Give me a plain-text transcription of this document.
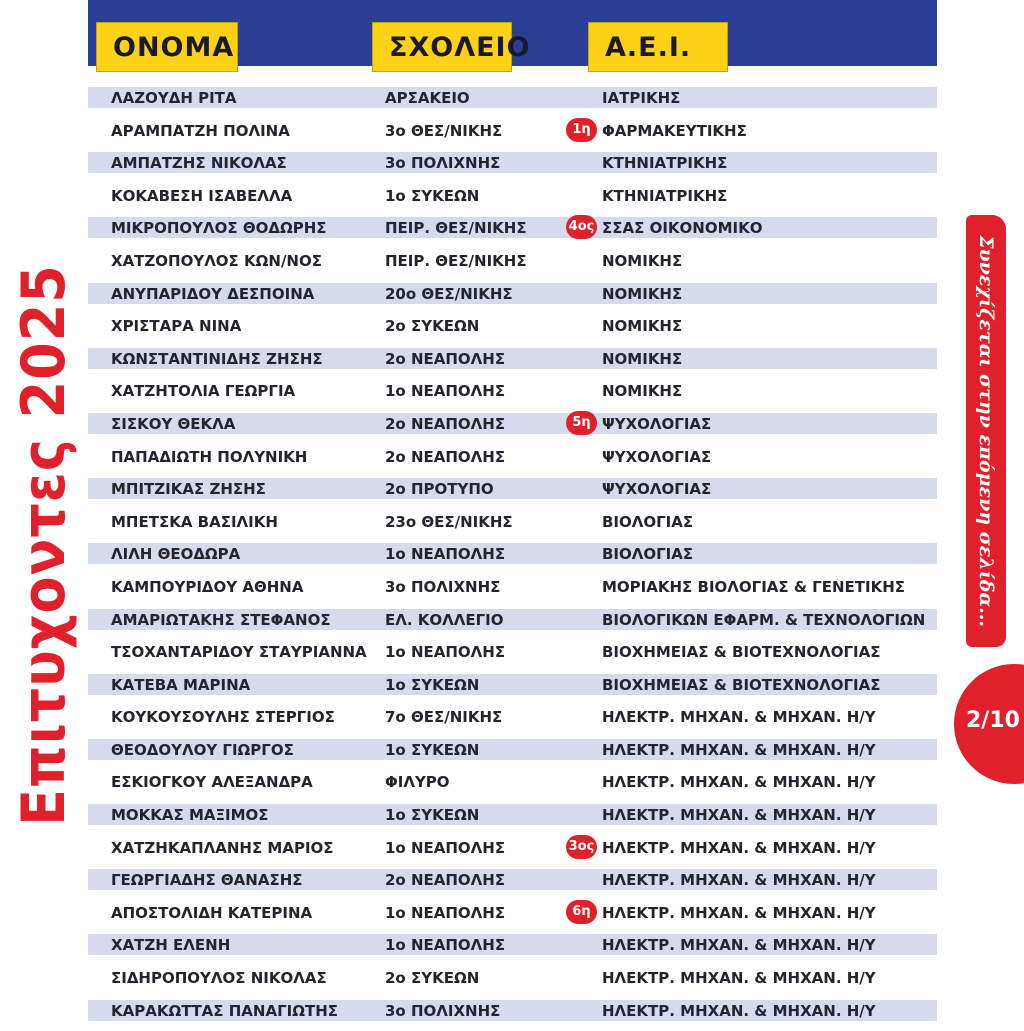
ΟΝΟΜΑ	ΣΧΟΛΕΙΟ	Α.Ε.Ι.
ΛΑΖΟΥΔΗ ΡΙΤΑ	ΑΡΣΑΚΕΙΟ	ΙΑΤΡΙΚΗΣ
ΑΡΑΜΠΑΤΖΗ ΠΟΛΙΝΑ	3ο ΘΕΣ/ΝΙΚΗΣ	ΦΑΡΜΑΚΕΥΤΙΚΗΣ
1η
ΑΜΠΑΤΖΗΣ ΝΙΚΟΛΑΣ	3ο ΠΟΛΙΧΝΗΣ	ΚΤΗΝΙΑΤΡΙΚΗΣ
ΚΟΚΑΒΕΣΗ ΙΣΑΒΕΛΛΑ	1ο ΣΥΚΕΩΝ	ΚΤΗΝΙΑΤΡΙΚΗΣ
ΜΙΚΡΟΠΟΥΛΟΣ ΘΟΔΩΡΗΣ	ΠΕΙΡ. ΘΕΣ/ΝΙΚΗΣ	ΣΣΑΣ ΟΙΚΟΝΟΜΙΚΟ
4ος
ΧΑΤΖΟΠΟΥΛΟΣ ΚΩΝ/ΝΟΣ	ΠΕΙΡ. ΘΕΣ/ΝΙΚΗΣ	ΝΟΜΙΚΗΣ
ΑΝΥΠΑΡΙΔΟΥ ΔΕΣΠΟΙΝΑ	20ο ΘΕΣ/ΝΙΚΗΣ	ΝΟΜΙΚΗΣ
ΧΡΙΣΤΑΡΑ ΝΙΝΑ	2ο ΣΥΚΕΩΝ	ΝΟΜΙΚΗΣ
ΚΩΝΣΤΑΝΤΙΝΙΔΗΣ ΖΗΣΗΣ	2ο ΝΕΑΠΟΛΗΣ	ΝΟΜΙΚΗΣ
ΧΑΤΖΗΤΟΛΙΑ ΓΕΩΡΓΙΑ	1ο ΝΕΑΠΟΛΗΣ	ΝΟΜΙΚΗΣ
ΣΙΣΚΟΥ ΘΕΚΛΑ	2ο ΝΕΑΠΟΛΗΣ	ΨΥΧΟΛΟΓΙΑΣ
5η
ΠΑΠΑΔΙΩΤΗ ΠΟΛΥΝΙΚΗ	2ο ΝΕΑΠΟΛΗΣ	ΨΥΧΟΛΟΓΙΑΣ
ΜΠΙΤΖΙΚΑΣ ΖΗΣΗΣ	2ο ΠΡΟΤΥΠΟ	ΨΥΧΟΛΟΓΙΑΣ
ΜΠΕΤΣΚΑ ΒΑΣΙΛΙΚΗ	23ο ΘΕΣ/ΝΙΚΗΣ	ΒΙΟΛΟΓΙΑΣ
ΛΙΛΗ ΘΕΟΔΩΡΑ	1ο ΝΕΑΠΟΛΗΣ	ΒΙΟΛΟΓΙΑΣ
ΚΑΜΠΟΥΡΙΔΟΥ ΑΘΗΝΑ	3ο ΠΟΛΙΧΝΗΣ	ΜΟΡΙΑΚΗΣ ΒΙΟΛΟΓΙΑΣ & ΓΕΝΕΤΙΚΗΣ
ΑΜΑΡΙΩΤΑΚΗΣ ΣΤΕΦΑΝΟΣ	ΕΛ. ΚΟΛΛΕΓΙΟ	ΒΙΟΛΟΓΙΚΩΝ ΕΦΑΡΜ. & ΤΕΧΝΟΛΟΓΙΩΝ
ΤΣΟΧΑΝΤΑΡΙΔΟΥ ΣΤΑΥΡΙΑΝΝΑ 1ο ΝΕΑΠΟΛΗΣ	ΒΙΟΧΗΜΕΙΑΣ & ΒΙΟΤΕΧΝΟΛΟΓΙΑΣ
ΚΑΤΕΒΑ ΜΑΡΙΝΑ	1ο ΣΥΚΕΩΝ	ΒΙΟΧΗΜΕΙΑΣ & ΒΙΟΤΕΧΝΟΛΟΓΙΑΣ
ΚΟΥΚΟΥΣΟΥΛΗΣ ΣΤΕΡΓΙΟΣ	7ο ΘΕΣ/ΝΙΚΗΣ	ΗΛΕΚΤΡ. ΜΗΧΑΝ. & ΜΗΧΑΝ. Η/Υ
ΘΕΟΔΟΥΛΟΥ ΓΙΩΡΓΟΣ	1ο ΣΥΚΕΩΝ	ΗΛΕΚΤΡ. ΜΗΧΑΝ. & ΜΗΧΑΝ. Η/Υ
ΕΣΚΙΟΓΚΟΥ ΑΛΕΞΑΝΔΡΑ	ΦΙΛΥΡΟ	ΗΛΕΚΤΡ. ΜΗΧΑΝ. & ΜΗΧΑΝ. Η/Υ
ΜΟΚΚΑΣ ΜΑΞΙΜΟΣ	1ο ΣΥΚΕΩΝ	ΗΛΕΚΤΡ. ΜΗΧΑΝ. & ΜΗΧΑΝ. Η/Υ
ΧΑΤΖΗΚΑΠΛΑΝΗΣ ΜΑΡΙΟΣ	1ο ΝΕΑΠΟΛΗΣ	ΗΛΕΚΤΡ. ΜΗΧΑΝ. & ΜΗΧΑΝ. Η/Υ
3ος
ΓΕΩΡΓΙΑΔΗΣ ΘΑΝΑΣΗΣ	2ο ΝΕΑΠΟΛΗΣ	ΗΛΕΚΤΡ. ΜΗΧΑΝ. & ΜΗΧΑΝ. Η/Υ
ΑΠΟΣΤΟΛΙΔΗ ΚΑΤΕΡΙΝΑ	1ο ΝΕΑΠΟΛΗΣ	ΗΛΕΚΤΡ. ΜΗΧΑΝ. & ΜΗΧΑΝ. Η/Υ
6η
ΧΑΤΖΗ ΕΛΕΝΗ	1ο ΝΕΑΠΟΛΗΣ	ΗΛΕΚΤΡ. ΜΗΧΑΝ. & ΜΗΧΑΝ. Η/Υ
ΣΙΔΗΡΟΠΟΥΛΟΣ ΝΙΚΟΛΑΣ	2ο ΣΥΚΕΩΝ	ΗΛΕΚΤΡ. ΜΗΧΑΝ. & ΜΗΧΑΝ. Η/Υ
ΚΑΡΑΚΩΤΤΑΣ ΠΑΝΑΓΙΩΤΗΣ	3ο ΠΟΛΙΧΝΗΣ	ΗΛΕΚΤΡ. ΜΗΧΑΝ. & ΜΗΧΑΝ. Η/Υ
Επιτυχοντες 2025	Συνεχίζεται στην επόμενη σελίδα...
2/10
